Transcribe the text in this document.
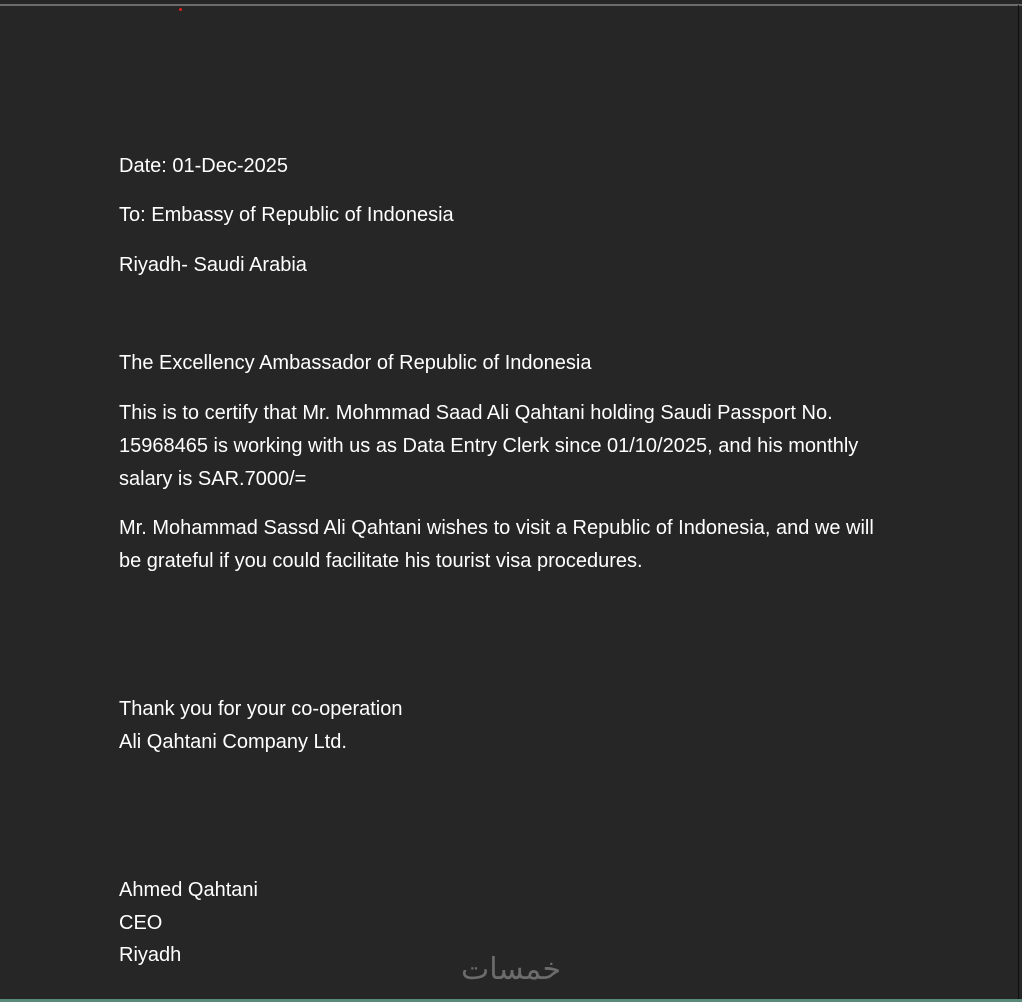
Date: 01-Dec-2025

To: Embassy of Republic of Indonesia

Riyadh- Saudi Arabia

The Excellency Ambassador of Republic of Indonesia

This is to certify that Mr. Mohmmad Saad Ali Qahtani holding Saudi Passport No. 15968465 is working with us as Data Entry Clerk since 01/10/2025, and his monthly salary is SAR.7000/=

Mr. Mohammad Sassd Ali Qahtani wishes to visit a Republic of Indonesia, and we will be grateful if you could facilitate his tourist visa procedures.

Thank you for your co-operation

Ali Qahtani Company Ltd.

Ahmed Qahtani

CEO

Riyadh	خمسات
